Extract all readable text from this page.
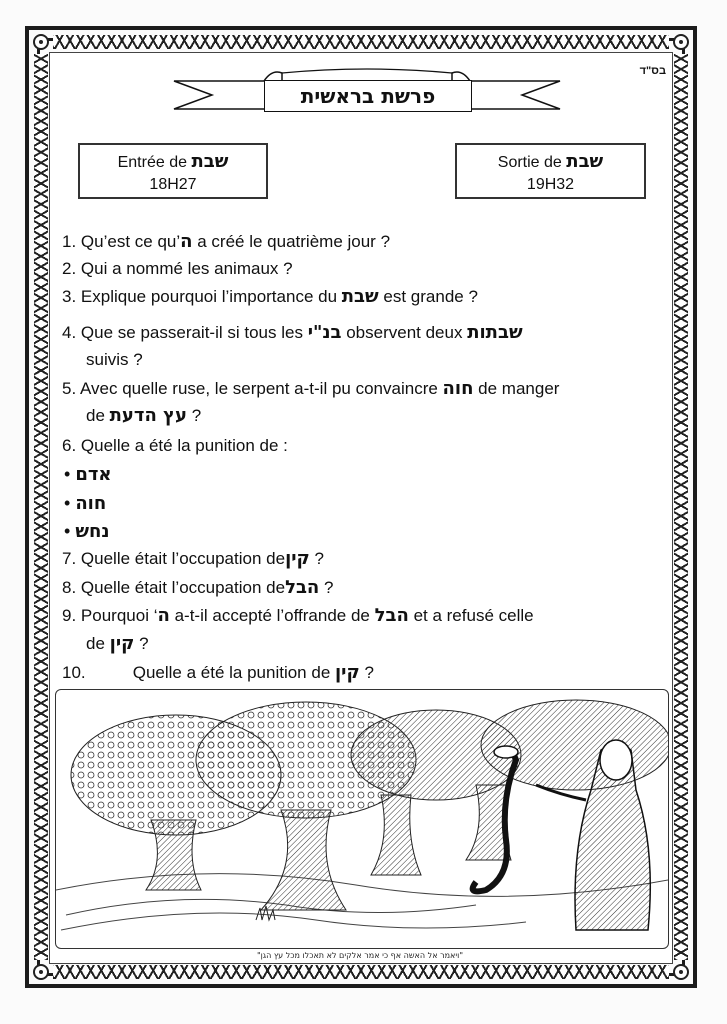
בס"ד
פרשת בראשית
Entrée de שבת
18H27
Sortie de שבת
19H32
1. Qu’est ce qu’ה a créé le quatrième jour ?
2. Qui a nommé les animaux ?
3. Explique pourquoi l’importance du שבת est grande ?
4. Que se passerait-il si tous les בנ"י observent deux שבתות
suivis ?
5. Avec quelle ruse, le serpent a-t-il pu convaincre חוה de manger
de עץ הדעת ?
6. Quelle a été la punition de :
• אדם
• חוה
• נחש
7. Quelle était l’occupation deקין ?
8. Quelle était l’occupation deהבל ?
9. Pourquoi ‘ה a-t-il accepté l’offrande de הבל et a refusé celle
de קין ?
10.	Quelle a été la punition de קין ?
"ויאמר אל האשה אף כי אמר אלקים לא תאכלו מכל עץ הגן"
